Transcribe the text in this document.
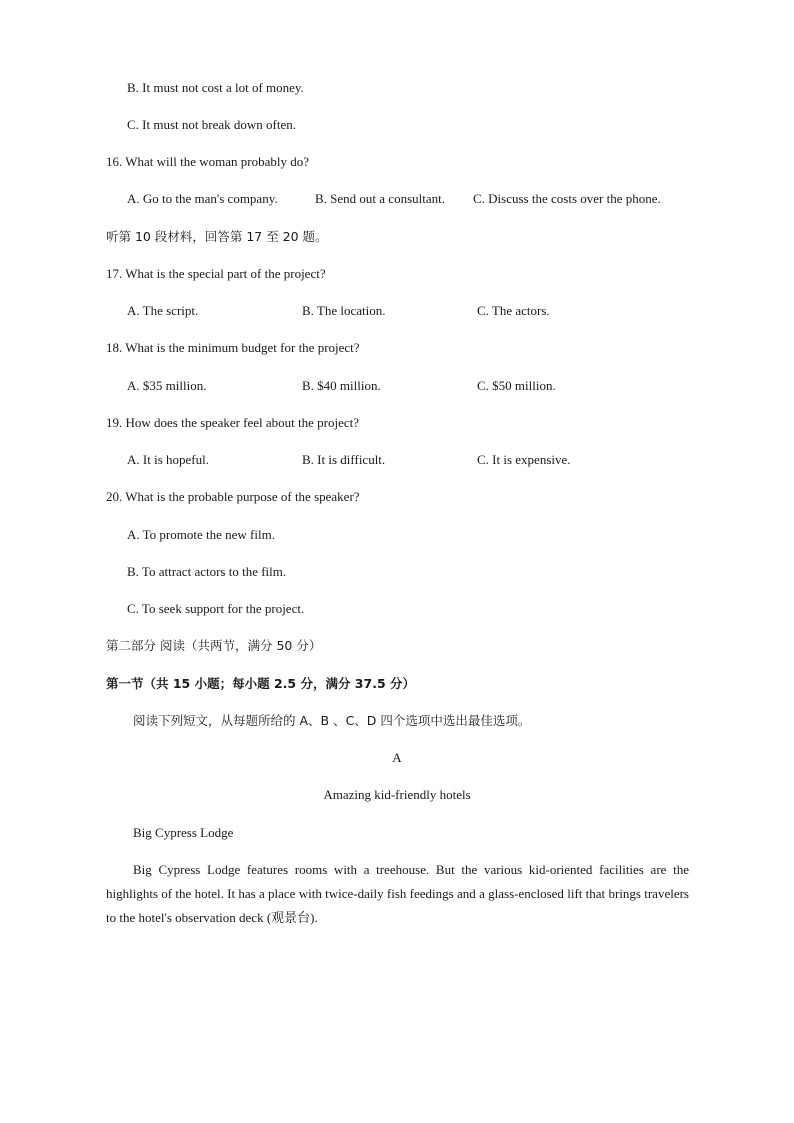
B. It must not cost a lot of money.
C. It must not break down often.
16. What will the woman probably do?
A. Go to the man's company.	B. Send out a consultant. C. Discuss the costs over the phone.
听第 10 段材料，回答第 17 至 20 题。
17. What is the special part of the project?
A. The script.	B. The location.	C. The actors.
18. What is the minimum budget for the project?
A. $35 million.	B. $40 million.	C. $50 million.
19. How does the speaker feel about the project?
A. It is hopeful.	B. It is difficult.	C. It is expensive.
20. What is the probable purpose of the speaker?
A. To promote the new film.
B. To attract actors to the film.
C. To seek support for the project.
第二部分 阅读（共两节，满分 50 分）
第一节（共 15 小题；每小题 2.5 分，满分 37.5 分）
阅读下列短文，从每题所给的 A、B 、C、D 四个选项中选出最佳选项。
A
Amazing kid-friendly hotels
Big Cypress Lodge
Big Cypress Lodge features rooms with a treehouse. But the various kid-oriented facilities are the highlights of the hotel. It has a place with twice-daily fish feedings and a glass-enclosed lift that brings travelers to the hotel's observation deck (观景台).
